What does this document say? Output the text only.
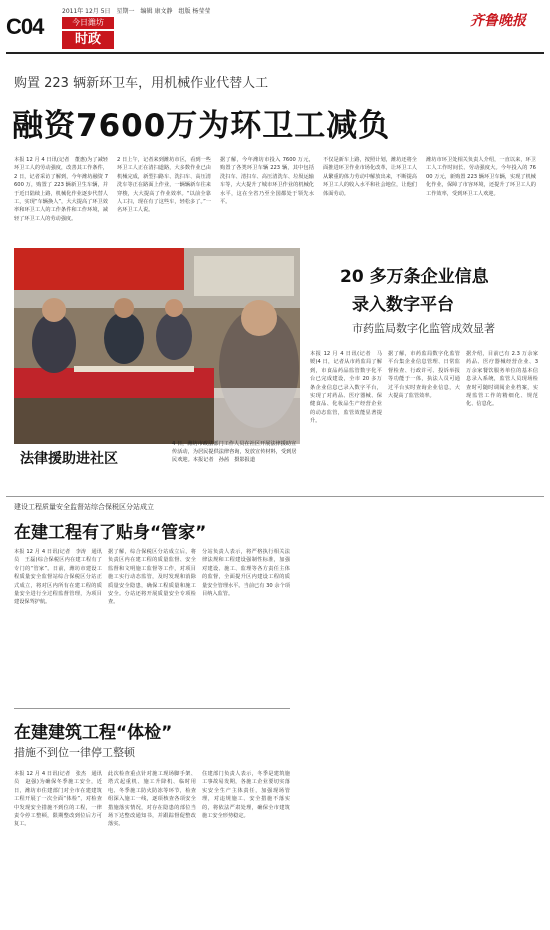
C04
2011年 12月 5日　星期一　编辑 康文静　组版 杨莹莹
今日潍坊
时政
齐鲁晚报
购置 223 辆新环卫车，用机械作业代替人工
融资7600万为环卫工减负
本报 12 月 4 日讯(记者　董惠)为了减轻环卫工人的劳动强度，改善其工作条件，2 日，记者采访了解到，今年潍坊融资 7600 万，购置了 223 辆新卫生车辆，并于近日陆续上路，机械化作业逐步代替人工，实现“车辆换人”，大大提高了环卫效率和环卫工人的工作条件和工作环境，减轻了环卫工人的劳动强度。
2 日上午，记者来到潍坊市区，看到一些环卫工人正在清扫道路，大多数作业已由机械完成，新型扫路车、洗扫车、高压清洗车等正在路面上作业，一辆辆新车往来穿梭，大大提高了作业效率。“以前全靠人工扫，现在有了这些车，轻松多了。”一名环卫工人说。
据了解，今年潍坊市投入 7600 万元，购置了各类环卫车辆 223 辆，其中包括洗扫车、清扫车、高压清洗车、垃圾运输车等，大大提升了城市环卫作业的机械化水平，这在全省乃至全国都处于领先水平。
不仅是新车上路，按照计划，潍坊还将全面推进环卫作业市场化改革，让环卫工人从繁重的体力劳动中解放出来，不断提高环卫工人的收入水平和社会地位，让他们体面劳动。
潍坊市环卫处相关负责人介绍，一直以来，环卫工人工作时间长、劳动强度大。今年投入的 7600 万元，新购置 223 辆环卫车辆，实现了机械化作业，保障了市容环境，还提升了环卫工人的工作效率，受到环卫工人欢迎。
法律援助进社区
4 日，潍坊市政法部门工作人员在社区开展法律援助宣传活动，为居民提供法律咨询，发放宣传材料，受到居民欢迎。本报记者　孙茜　摄影报道
20 多万条企业信息
录入数字平台
市药监局数字化监管成效显著
本报 12 月 4 日讯(记者　马媛)4 日，记者从市药监局了解到，市食品药品监管数字化平台已完成建设，全市 20 多万条企业信息已录入数字平台，实现了对药品、医疗器械、保健食品、化妆品生产经营企业的动态监管，监管效能显著提升。
据了解，市药监局数字化监管平台集企业信息管理、日常监督检查、行政许可、投诉举报等功能于一体，执法人员可通过平台实时查询企业信息，大大提高了监管效率。
据介绍，目前已有 2.3 万余家药品、医疗器械经营企业、3 万余家餐饮服务单位的基本信息录入系统，监管人员现场检查时可随时调阅企业档案，实现监管工作的精细化、规范化、信息化。
建设工程质量安全监督站综合保税区分站成立
在建工程有了贴身“管家”
本报 12 月 4 日讯(记者　李涛　通讯员　王磊)综合保税区内在建工程有了专门的“管家”。日前，潍坊市建设工程质量安全监督站综合保税区分站正式成立，将对区内所有在建工程的质量安全进行全过程监督管理，为项目建设保驾护航。
据了解，综合保税区分站成立后，将负责区内在建工程的质量监督、安全监督和文明施工监督等工作，对项目施工实行动态监管，及时发现和消除质量安全隐患，确保工程质量和施工安全。分站还将开展质量安全专项检查。
分站负责人表示，将严格执行相关法律法规和工程建设强制性标准，加强对建设、施工、监理等各方责任主体的监督，全面提升区内建设工程的质量安全管理水平。当前已有 30 余个项目纳入监管。
在建建筑工程“体检”
措施不到位一律停工整顿
本报 12 月 4 日讯(记者　张杰　通讯员　赵强)为确保冬季施工安全，近日，潍坊市住建部门对全市在建建筑工程开展了一次全面“体检”，对检查中发现安全措施不到位的工程，一律责令停工整顿，限期整改到位后方可复工。
此次检查重点针对施工现场脚手架、塔式起重机、施工升降机、临时用电、冬季施工防火防冻等环节，检查组深入施工一线，逐项核查各项安全措施落实情况，对存在隐患的部位当场下达整改通知书，并跟踪督促整改落实。
住建部门负责人表示，冬季是建筑施工事故易发期，各施工企业要切实落实安全生产主体责任，加强现场管理，对违规施工、安全措施不落实的，将依法严肃处理，确保全市建筑施工安全形势稳定。
